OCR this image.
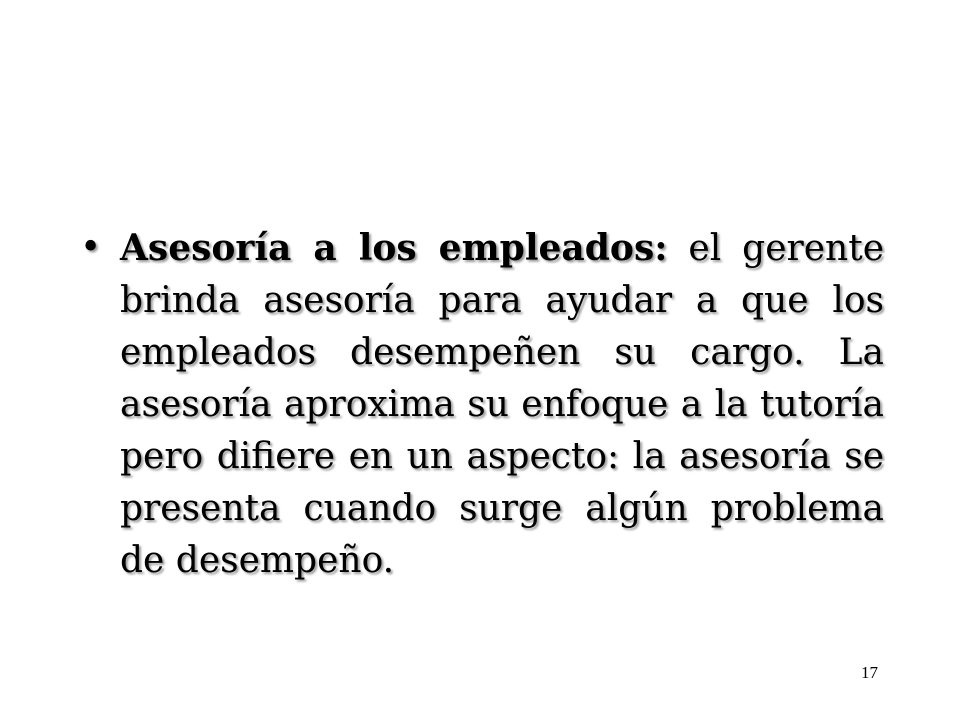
• Asesoría a los empleados: el gerente brinda asesoría para ayudar a que los empleados desempeñen su cargo. La asesoría aproxima su enfoque a la tutoría pero difiere en un aspecto: la asesoría se presenta cuando surge algún problema de desempeño.

17
